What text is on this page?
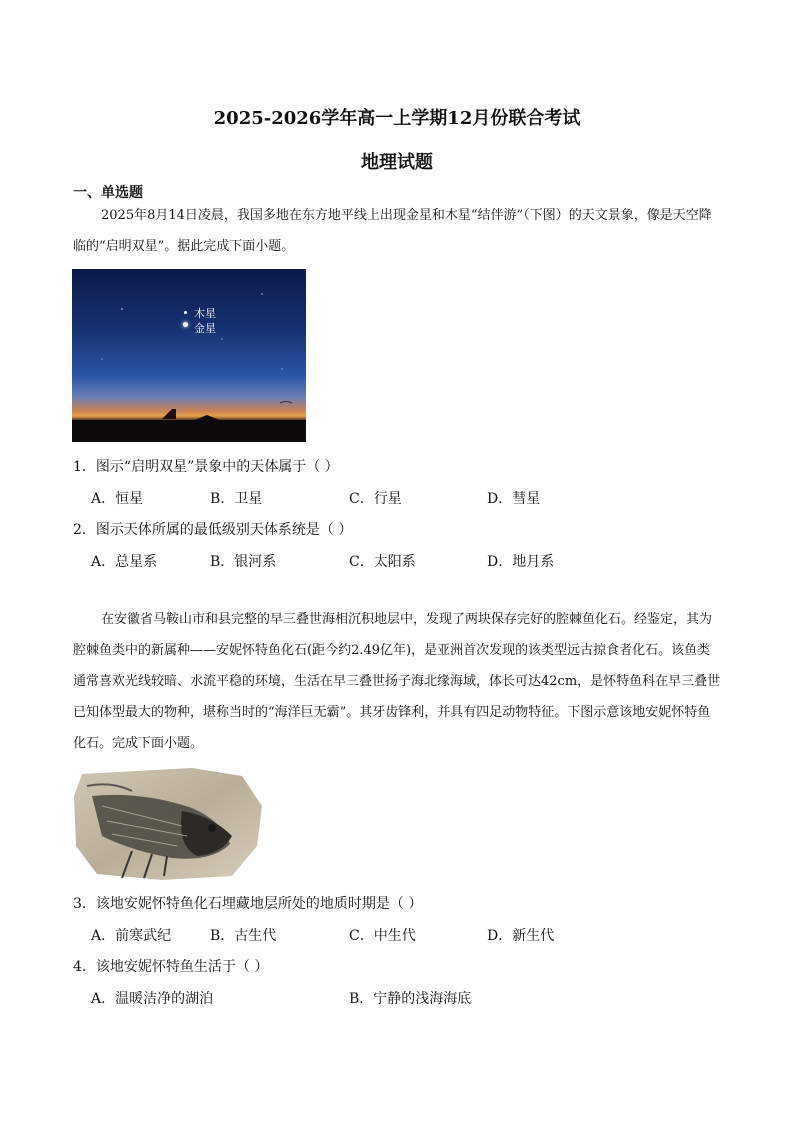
2025-2026学年高一上学期12月份联合考试
地理试题
一、单选题
2025年8月14日凌晨，我国多地在东方地平线上出现金星和木星“结伴游”（下图）的天文景象，像是天空降临的“启明双星”。据此完成下面小题。
木星
金星
1．图示“启明双星”景象中的天体属于（ ）
A．恒星	B．卫星	C．行星	D．彗星
2．图示天体所属的最低级别天体系统是（ ）
A．总星系	B．银河系	C．太阳系	D．地月系
在安徽省马鞍山市和县完整的早三叠世海相沉积地层中，发现了两块保存完好的腔棘鱼化石。经鉴定，其为腔棘鱼类中的新属种——安妮怀特鱼化石(距今约2.49亿年)，是亚洲首次发现的该类型远古掠食者化石。该鱼类通常喜欢光线较暗、水流平稳的环境，生活在早三叠世扬子海北缘海域，体长可达42cm，是怀特鱼科在早三叠世已知体型最大的物种，堪称当时的“海洋巨无霸”。其牙齿锋利，并具有四足动物特征。下图示意该地安妮怀特鱼化石。完成下面小题。
3．该地安妮怀特鱼化石埋藏地层所处的地质时期是（ ）
A．前寒武纪	B．古生代	C．中生代	D．新生代
4．该地安妮怀特鱼生活于（ ）
A．温暖洁净的湖泊	B．宁静的浅海海底
